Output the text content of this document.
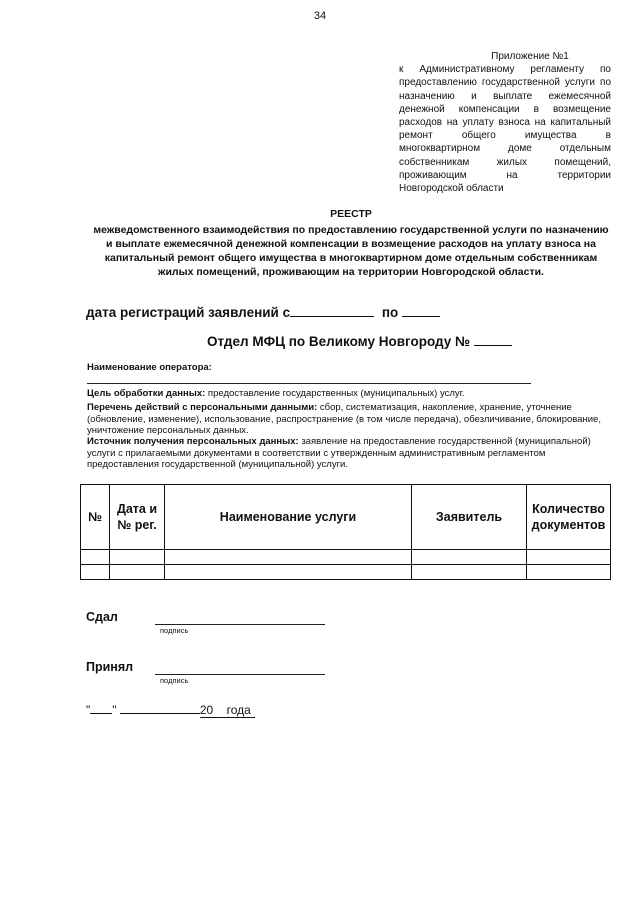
34
Приложение №1
к Административному регламенту по предоставлению государственной услуги по назначению и выплате ежемесячной денежной компенсации в возмещение расходов на уплату взноса на капитальный ремонт общего имущества в многоквартирном доме отдельным собственникам жилых помещений, проживающим на территории
Новгородской области
РЕЕСТР
межведомственного взаимодействия по предоставлению государственной услуги по назначению и выплате ежемесячной денежной компенсации в возмещение расходов на уплату взноса на капитальный ремонт общего имущества в многоквартирном доме отдельным собственникам жилых помещений, проживающим на территории Новгородской области.
дата регистраций заявлений с	по
Отдел МФЦ по Великому Новгороду №
Наименование оператора:
Цель обработки данных: предоставление государственных (муниципальных) услуг.
Перечень действий с персональными данными: сбор, систематизация, накопление, хранение, уточнение (обновление, изменение), использование, распространение (в том числе передача), обезличивание, блокирование, уничтожение персональных данных.
Источник получения персональных данных: заявление на предоставление государственной (муниципальной) услуги с прилагаемыми документами в соответствии с утвержденным административным регламентом предоставления государственной (муниципальной) услуги.
№	Дата и № рег.	Наименование услуги	Заявитель	Количество документов

Сдал
подпись
Принял
подпись
" "	20 года
